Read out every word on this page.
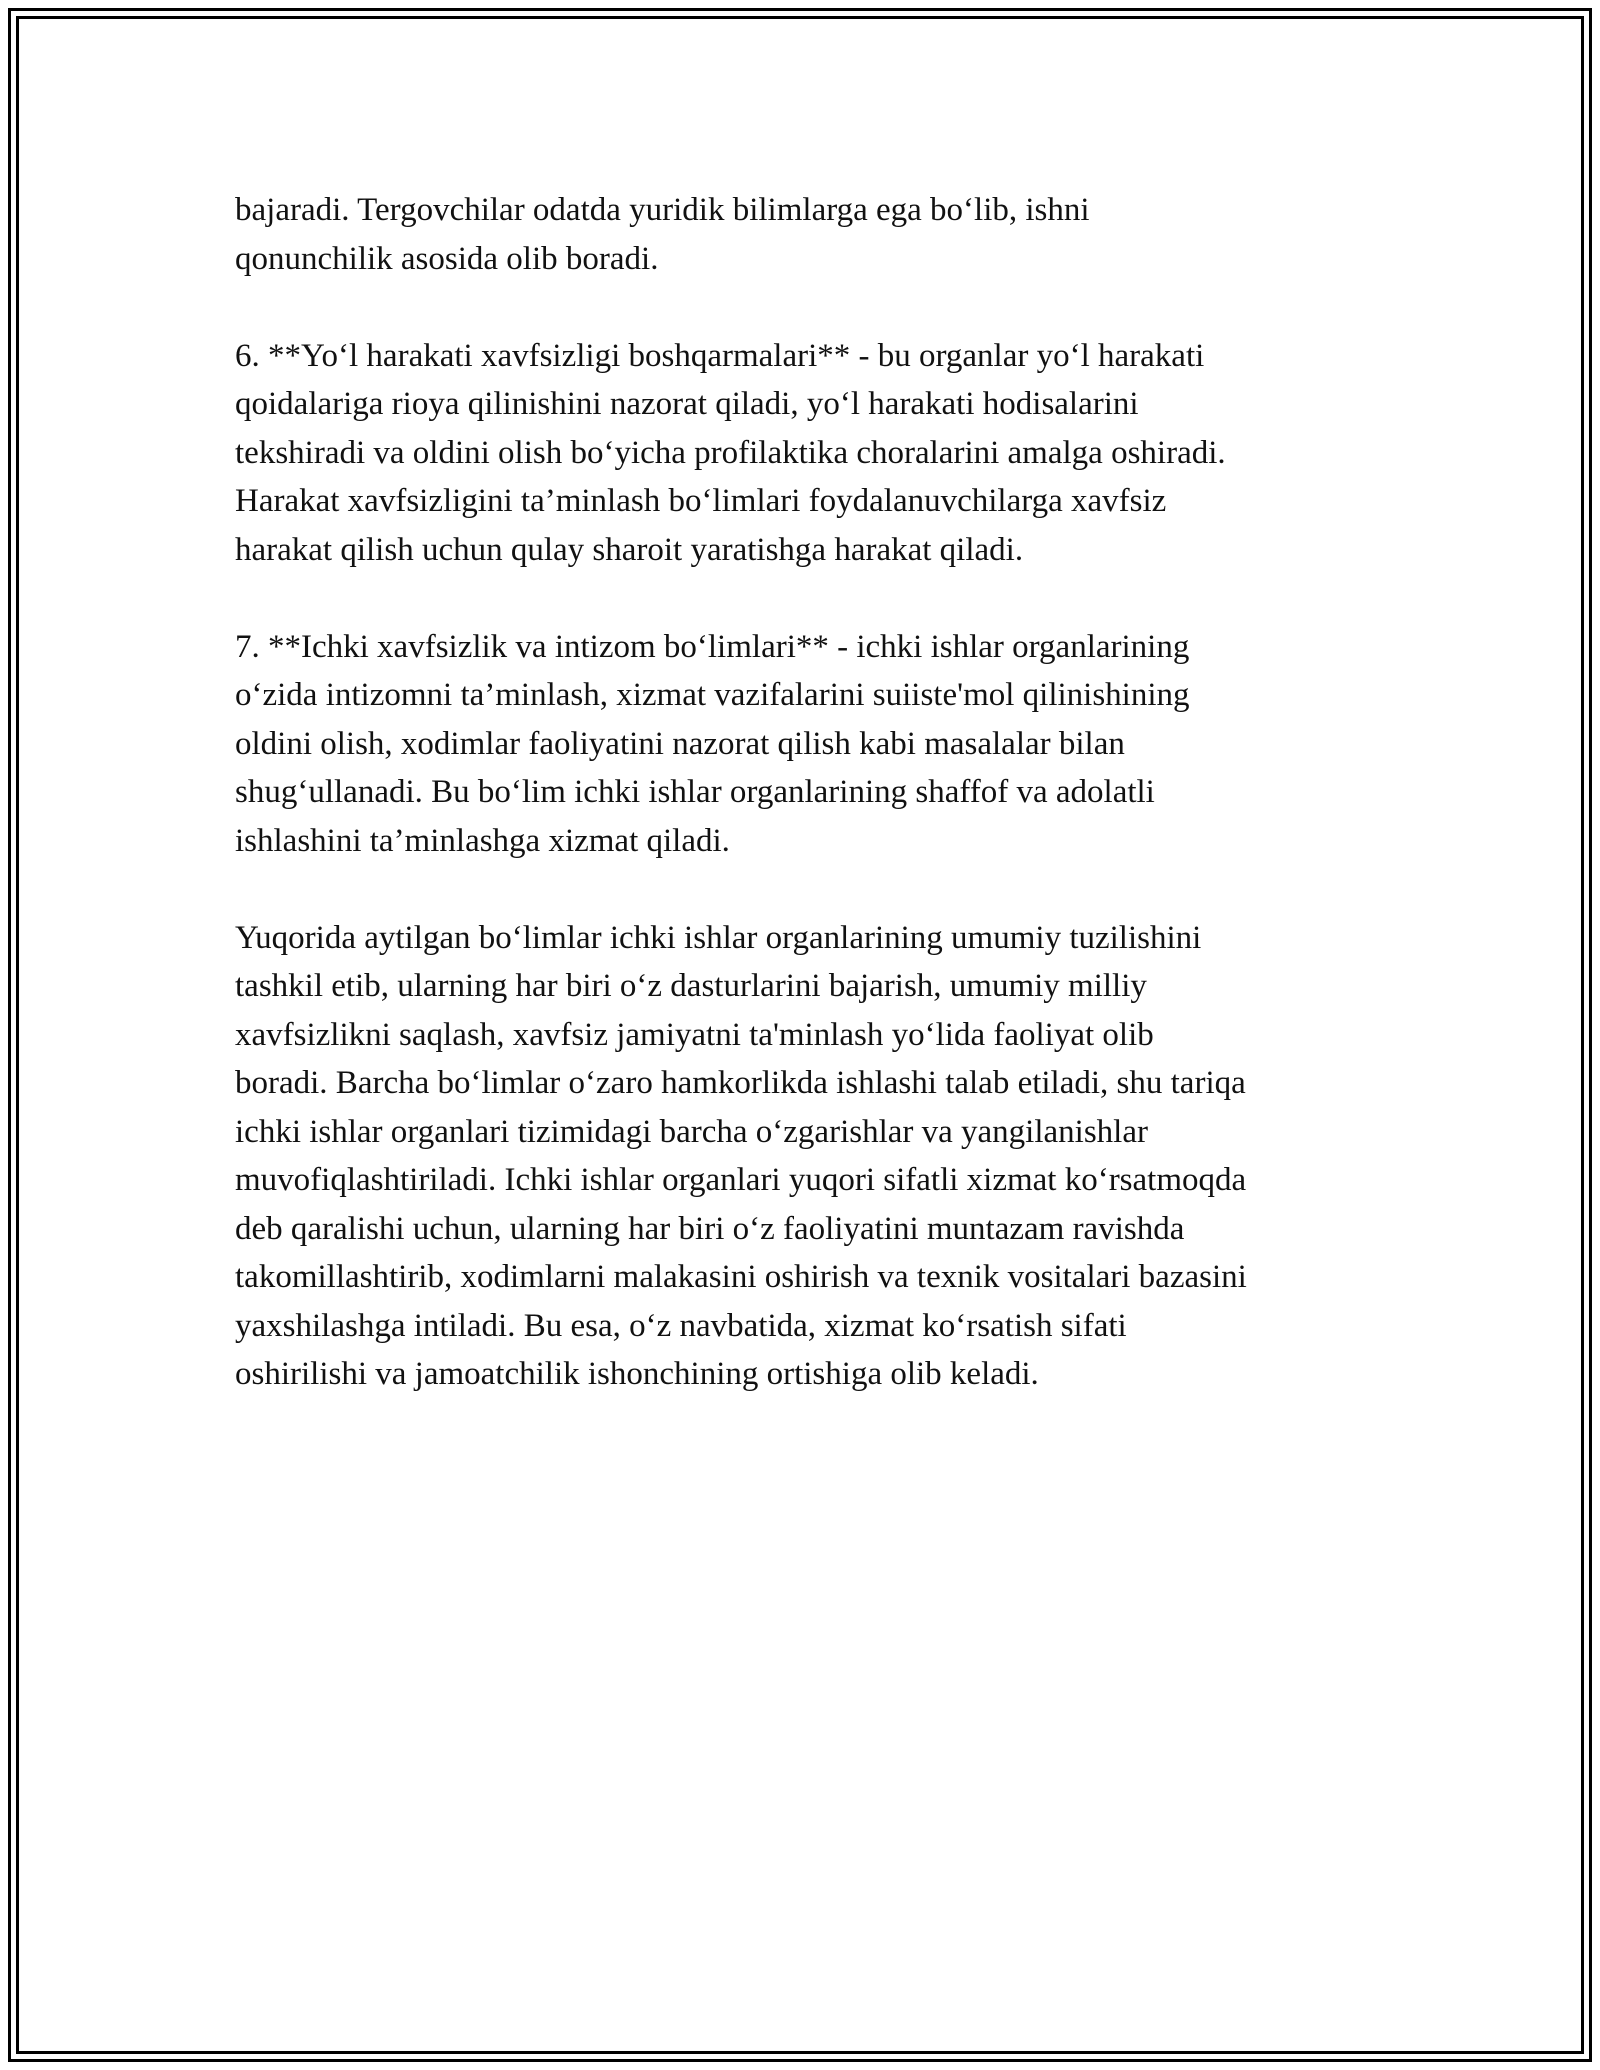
bajaradi. Tergovchilar odatda yuridik bilimlarga ega bo‘lib, ishni
qonunchilik asosida olib boradi.

6. **Yo‘l harakati xavfsizligi boshqarmalari** - bu organlar yo‘l harakati
qoidalariga rioya qilinishini nazorat qiladi, yo‘l harakati hodisalarini
tekshiradi va oldini olish bo‘yicha profilaktika choralarini amalga oshiradi.
Harakat xavfsizligini ta’minlash bo‘limlari foydalanuvchilarga xavfsiz
harakat qilish uchun qulay sharoit yaratishga harakat qiladi.

7. **Ichki xavfsizlik va intizom bo‘limlari** - ichki ishlar organlarining
o‘zida intizomni ta’minlash, xizmat vazifalarini suiiste'mol qilinishining
oldini olish, xodimlar faoliyatini nazorat qilish kabi masalalar bilan
shug‘ullanadi. Bu bo‘lim ichki ishlar organlarining shaffof va adolatli
ishlashini ta’minlashga xizmat qiladi.

Yuqorida aytilgan bo‘limlar ichki ishlar organlarining umumiy tuzilishini
tashkil etib, ularning har biri o‘z dasturlarini bajarish, umumiy milliy
xavfsizlikni saqlash, xavfsiz jamiyatni ta'minlash yo‘lida faoliyat olib
boradi. Barcha bo‘limlar o‘zaro hamkorlikda ishlashi talab etiladi, shu tariqa
ichki ishlar organlari tizimidagi barcha o‘zgarishlar va yangilanishlar
muvofiqlashtiriladi. Ichki ishlar organlari yuqori sifatli xizmat ko‘rsatmoqda
deb qaralishi uchun, ularning har biri o‘z faoliyatini muntazam ravishda
takomillashtirib, xodimlarni malakasini oshirish va texnik vositalari bazasini
yaxshilashga intiladi. Bu esa, o‘z navbatida, xizmat ko‘rsatish sifati
oshirilishi va jamoatchilik ishonchining ortishiga olib keladi.
